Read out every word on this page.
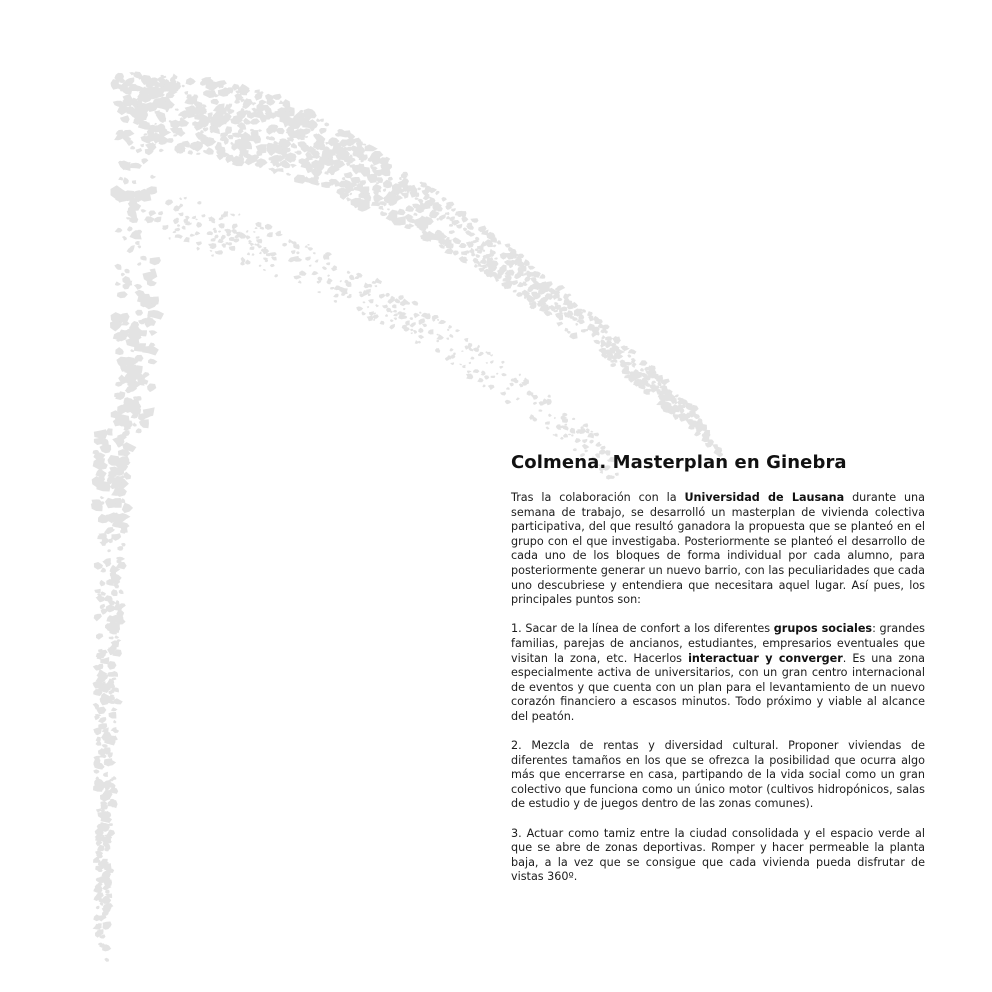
Colmena. Masterplan en Ginebra

Tras la colaboración con la Universidad de Lausana durante una semana de trabajo, se desarrolló un masterplan de vivienda colectiva participativa, del que resultó ganadora la propuesta que se planteó en el grupo con el que investigaba. Posteriormente se planteó el desarrollo de cada uno de los bloques de forma individual por cada alumno, para posteriormente generar un nuevo barrio, con las peculiaridades que cada uno descubriese y entendiera que necesitara aquel lugar. Así pues, los principales puntos son:

1. Sacar de la línea de confort a los diferentes grupos sociales: grandes familias, parejas de ancianos, estudiantes, empresarios eventuales que visitan la zona, etc. Hacerlos interactuar y converger. Es una zona especialmente activa de universitarios, con un gran centro internacional de eventos y que cuenta con un plan para el levantamiento de un nuevo corazón financiero a escasos minutos. Todo próximo y viable al alcance del peatón.

2. Mezcla de rentas y diversidad cultural. Proponer viviendas de diferentes tamaños en los que se ofrezca la posibilidad que ocurra algo más que encerrarse en casa, partipando de la vida social como un gran colectivo que funciona como un único motor (cultivos hidropónicos, salas de estudio y de juegos dentro de las zonas comunes).

3. Actuar como tamiz entre la ciudad consolidada y el espacio verde al que se abre de zonas deportivas. Romper y hacer permeable la planta baja, a la vez que se consigue que cada vivienda pueda disfrutar de vistas 360º.
